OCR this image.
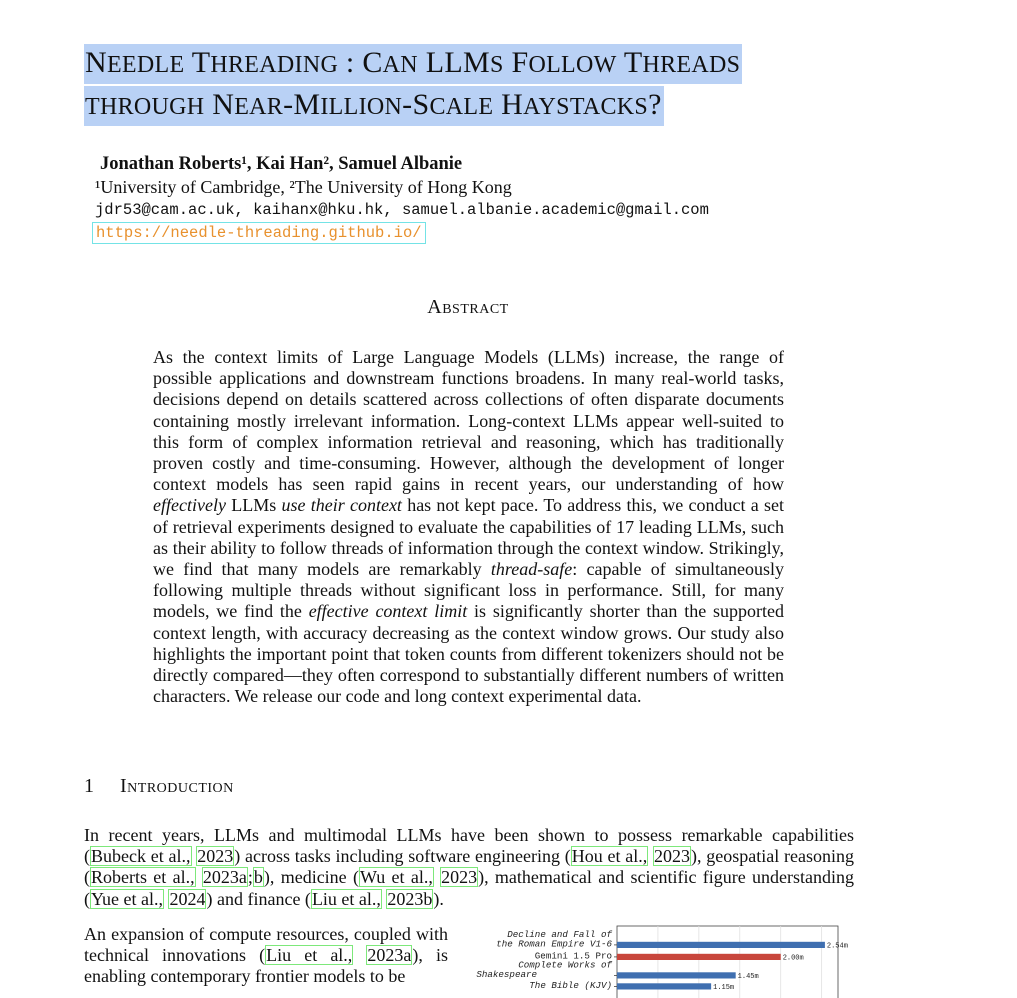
NEEDLE THREADING : CAN LLMS FOLLOW THREADS
THROUGH NEAR-MILLION-SCALE HAYSTACKS?
Jonathan Roberts¹, Kai Han², Samuel Albanie
¹University of Cambridge, ²The University of Hong Kong
jdr53@cam.ac.uk, kaihanx@hku.hk, samuel.albanie.academic@gmail.com
https://needle-threading.github.io/
Abstract

As the context limits of Large Language Models (LLMs) increase, the range of possible applications and downstream functions broadens. In many real-world tasks, decisions depend on details scattered across collections of often disparate documents containing mostly irrelevant information. Long-context LLMs appear well-suited to this form of complex information retrieval and reasoning, which has traditionally proven costly and time-consuming. However, although the development of longer context models has seen rapid gains in recent years, our understanding of how effectively LLMs use their context has not kept pace. To address this, we conduct a set of retrieval experiments designed to evaluate the capabilities of 17 leading LLMs, such as their ability to follow threads of information through the context window. Strikingly, we find that many models are remarkably thread-safe: capable of simultaneously following multiple threads without significant loss in performance. Still, for many models, we find the effective context limit is significantly shorter than the supported context length, with accuracy decreasing as the context window grows. Our study also highlights the important point that token counts from different tokenizers should not be directly compared—they often correspond to substantially different numbers of written characters. We release our code and long context experimental data.

1 Introduction

In recent years, LLMs and multimodal LLMs have been shown to possess remarkable capabilities (Bubeck et al., 2023) across tasks including software engineering (Hou et al., 2023), geospatial reasoning (Roberts et al., 2023a;b), medicine (Wu et al., 2023), mathematical and scientific figure understanding (Yue et al., 2024) and finance (Liu et al., 2023b).

An expansion of compute resources, coupled with technical innovations (Liu et al., 2023a), is enabling contemporary frontier models to be

Decline and Fall of the Roman Empire V1-6	2.54m
Gemini 1.5 Pro	2.00m
Complete Works of Shakespeare	1.45m
The Bible (KJV)	1.15m
